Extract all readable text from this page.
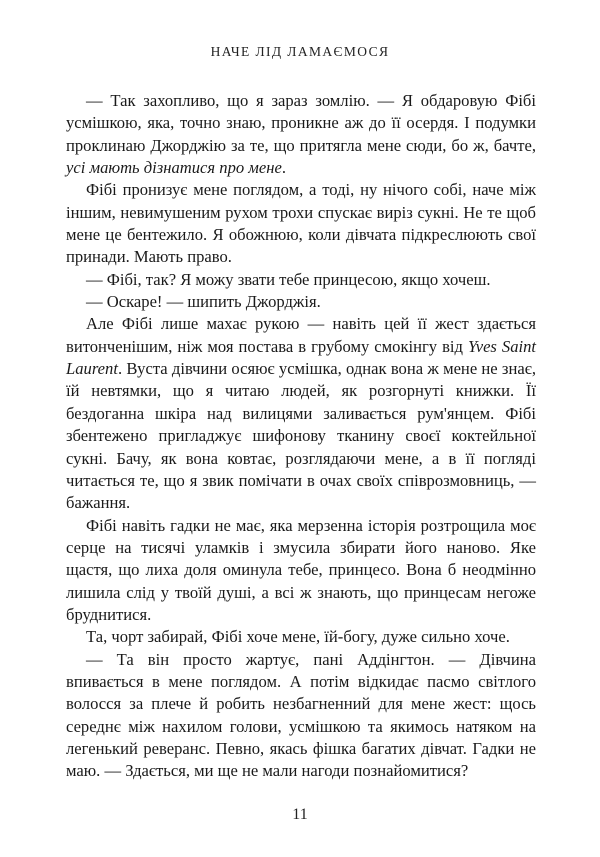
НАЧЕ ЛІД ЛАМАЄМОСЯ

— Так захопливо, що я зараз зомлію. — Я обдаровую Фібі усмішкою, яка, точно знаю, проникне аж до її осердя. І подумки проклинаю Джорджію за те, що притягла мене сюди, бо ж, бачте, усі мають дізнатися про мене.

Фібі пронизує мене поглядом, а тоді, ну нічого собі, наче між іншим, невимушеним рухом трохи спускає виріз сукні. Не те щоб мене це бентежило. Я обожнюю, коли дівчата підкреслюють свої принади. Мають право.

— Фібі, так? Я можу звати тебе принцесою, якщо хочеш.

— Оскаре! — шипить Джорджія.

Але Фібі лише махає рукою — навіть цей її жест здається витонченішим, ніж моя постава в грубому смокінгу від Yves Saint Laurent. Вуста дівчини осяює усмішка, однак вона ж мене не знає, їй невтямки, що я читаю людей, як розгорнуті книжки. Її бездоганна шкіра над вилицями заливається рум'янцем. Фібі збентежено пригладжує шифонову тканину своєї коктейльної сукні. Бачу, як вона ковтає, розглядаючи мене, а в її погляді читається те, що я звик помічати в очах своїх співрозмовниць, — бажання.

Фібі навіть гадки не має, яка мерзенна історія розтрощила моє серце на тисячі уламків і змусила збирати його наново. Яке щастя, що лиха доля оминула тебе, принцесо. Вона б неодмінно лишила слід у твоїй душі, а всі ж знають, що принцесам негоже бруднитися.

Та, чорт забирай, Фібі хоче мене, їй-богу, дуже сильно хоче.

— Та він просто жартує, пані Аддінгтон. — Дівчина впивається в мене поглядом. А потім відкидає пасмо світлого волосся за плече й робить незбагненний для мене жест: щось середнє між нахилом голови, усмішкою та якимось натяком на легенький реверанс. Певно, якась фішка багатих дівчат. Гадки не маю. — Здається, ми ще не мали нагоди познайомитися?

11
